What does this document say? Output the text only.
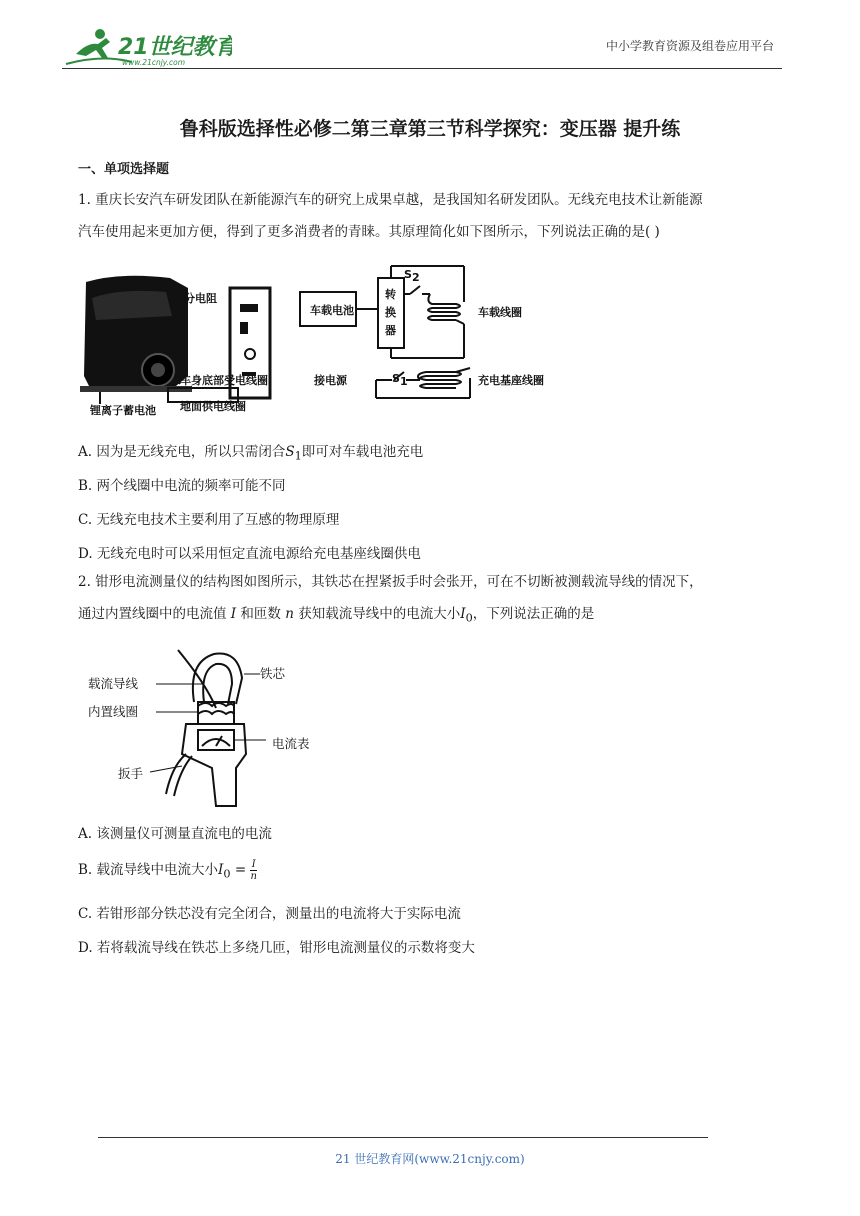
21世纪教育
www.21cnjy.com
中小学教育资源及组卷应用平台
鲁科版选择性必修二第三章第三节科学探究：变压器 提升练
一、单项选择题
1. 重庆长安汽车研发团队在新能源汽车的研究上成果卓越，是我国知名研发团队。无线充电技术让新能源
汽车使用起来更加方便，得到了更多消费者的青睐。其原理简化如下图所示，下列说法正确的是( )
分电阻
车身底部受电线圈
锂离子蓄电池 地面供电线圈
车载电池
转
换
器
S 2
车载线圈
接电源	S 1	充电基座线圈
A. 因为是无线充电，所以只需闭合$S_1$即可对车载电池充电
B. 两个线圈中电流的频率可能不同
C. 无线充电技术主要利用了互感的物理原理
D. 无线充电时可以采用恒定直流电源给充电基座线圈供电
2. 钳形电流测量仪的结构图如图所示，其铁芯在捏紧扳手时会张开，可在不切断被测载流导线的情况下，
通过内置线圈中的电流值 I 和匝数 n 获知载流导线中的电流大小$I_0$，下列说法正确的是
载流导线
内置线圈
扳手
铁芯
电流表
A. 该测量仪可测量直流电的电流
B. 载流导线中电流大小$I_0 = \frac{I}{n}$
C. 若钳形部分铁芯没有完全闭合，测量出的电流将大于实际电流
D. 若将载流导线在铁芯上多绕几匝，钳形电流测量仪的示数将变大
21 世纪教育网(www.21cnjy.com)
